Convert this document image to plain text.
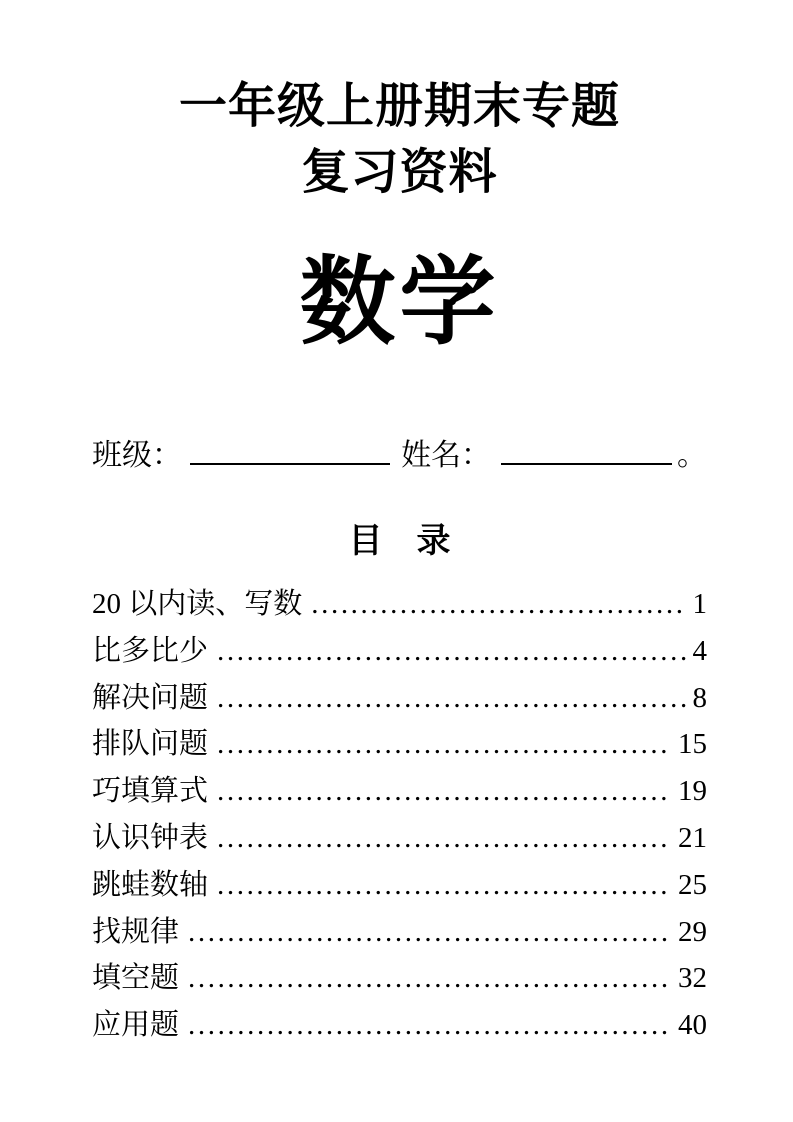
一年级上册期末专题
复习资料
数学
班级：	姓名：	。
目　录
20 以内读、写数 .....	1
比多比少 .....	4
解决问题 .....	8
排队问题 .....	15
巧填算式 .....	19
认识钟表 .....	21
跳蛙数轴 .....	25
找规律 .....	29
填空题 .....	32
应用题 .....	40
